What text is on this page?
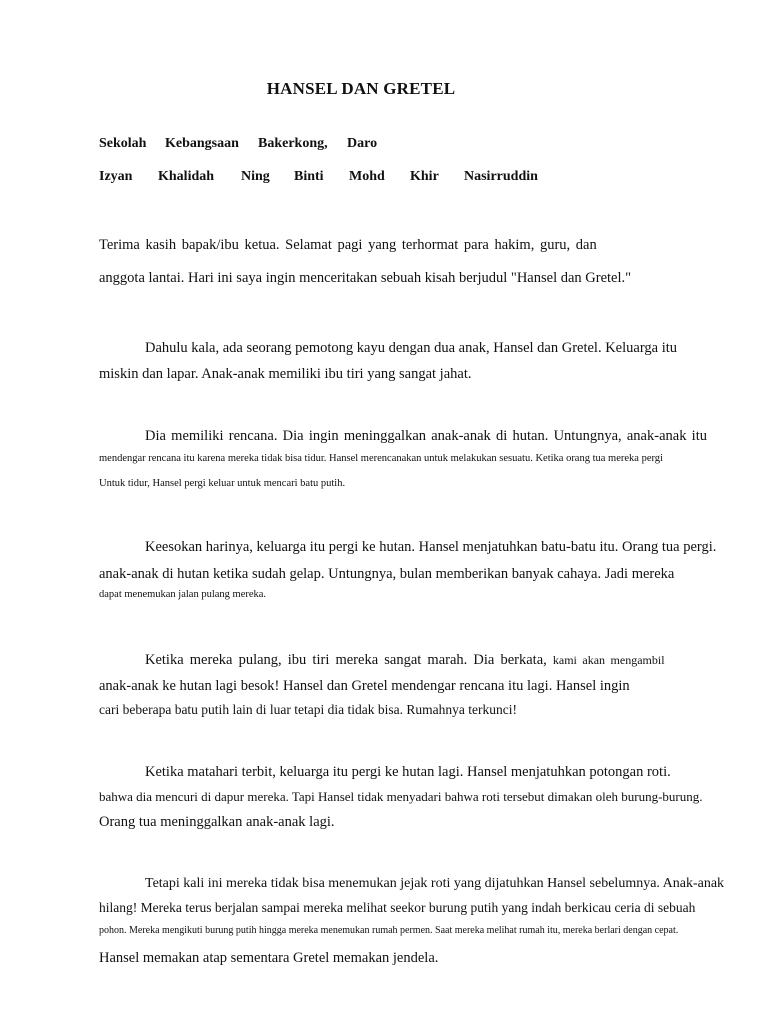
HANSEL DAN GRETEL
Sekolah Kebangsaan Bakerkong, Daro
Izyan Khalidah Ning Binti Mohd Khir Nasirruddin
Terima kasih bapak/ibu ketua. Selamat pagi yang terhormat para hakim, guru, dan
anggota lantai. Hari ini saya ingin menceritakan sebuah kisah berjudul "Hansel dan Gretel."
Dahulu kala, ada seorang pemotong kayu dengan dua anak, Hansel dan Gretel. Keluarga itu
miskin dan lapar. Anak-anak memiliki ibu tiri yang sangat jahat.
Dia memiliki rencana. Dia ingin meninggalkan anak-anak di hutan. Untungnya, anak-anak itu
mendengar rencana itu karena mereka tidak bisa tidur. Hansel merencanakan untuk melakukan sesuatu. Ketika orang tua mereka pergi
Untuk tidur, Hansel pergi keluar untuk mencari batu putih.
Keesokan harinya, keluarga itu pergi ke hutan. Hansel menjatuhkan batu-batu itu. Orang tua pergi.
anak-anak di hutan ketika sudah gelap. Untungnya, bulan memberikan banyak cahaya. Jadi mereka
dapat menemukan jalan pulang mereka.
Ketika mereka pulang, ibu tiri mereka sangat marah. Dia berkata, kami akan mengambil
anak-anak ke hutan lagi besok! Hansel dan Gretel mendengar rencana itu lagi. Hansel ingin
cari beberapa batu putih lain di luar tetapi dia tidak bisa. Rumahnya terkunci!
Ketika matahari terbit, keluarga itu pergi ke hutan lagi. Hansel menjatuhkan potongan roti.
bahwa dia mencuri di dapur mereka. Tapi Hansel tidak menyadari bahwa roti tersebut dimakan oleh burung-burung.
Orang tua meninggalkan anak-anak lagi.
Tetapi kali ini mereka tidak bisa menemukan jejak roti yang dijatuhkan Hansel sebelumnya. Anak-anak
hilang! Mereka terus berjalan sampai mereka melihat seekor burung putih yang indah berkicau ceria di sebuah
pohon. Mereka mengikuti burung putih hingga mereka menemukan rumah permen. Saat mereka melihat rumah itu, mereka berlari dengan cepat.
Hansel memakan atap sementara Gretel memakan jendela.
